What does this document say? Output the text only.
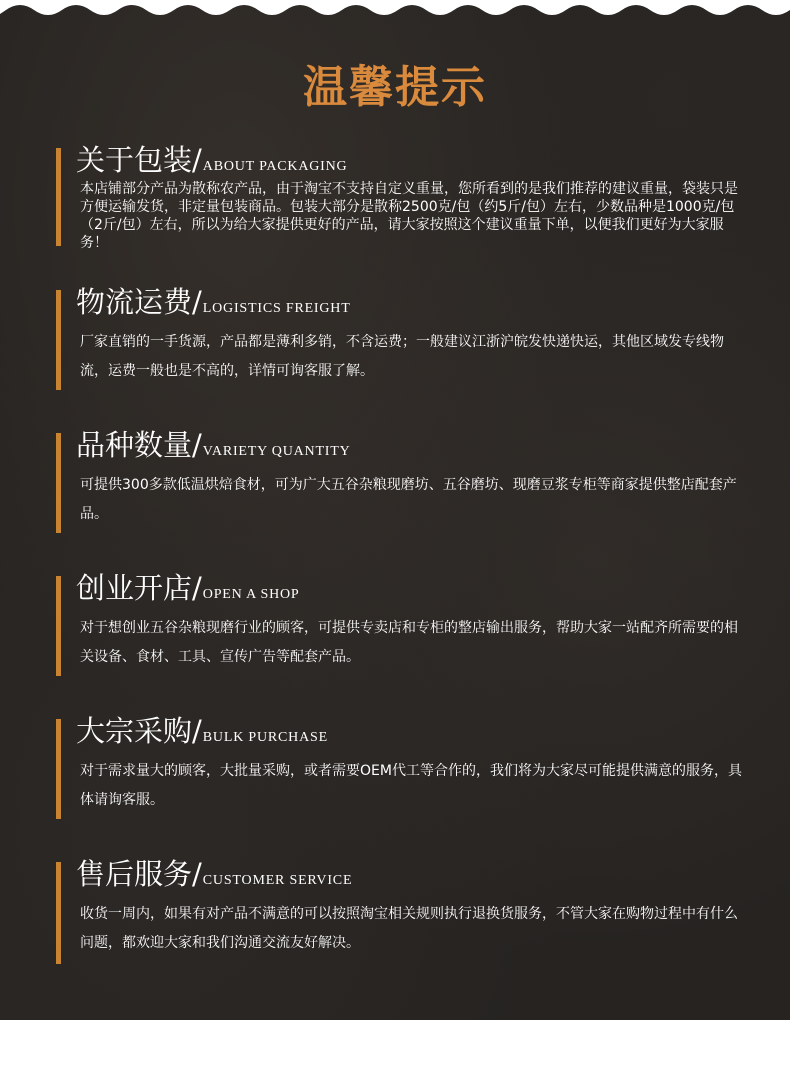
温馨提示
关于包装/ABOUT PACKAGING
本店铺部分产品为散称农产品，由于淘宝不支持自定义重量，您所看到的是我们推荐的建议重量，袋装只是方便运输发货，非定量包装商品。包装大部分是散称2500克/包（约5斤/包）左右，少数品种是1000克/包（2斤/包）左右，所以为给大家提供更好的产品，请大家按照这个建议重量下单，以便我们更好为大家服务！
物流运费/LOGISTICS FREIGHT
厂家直销的一手货源，产品都是薄利多销，不含运费；一般建议江浙沪皖发快递快运，其他区域发专线物流，运费一般也是不高的，详情可询客服了解。
品种数量/VARIETY QUANTITY
可提供300多款低温烘焙食材，可为广大五谷杂粮现磨坊、五谷磨坊、现磨豆浆专柜等商家提供整店配套产品。
创业开店/OPEN A SHOP
对于想创业五谷杂粮现磨行业的顾客，可提供专卖店和专柜的整店输出服务，帮助大家一站配齐所需要的相关设备、食材、工具、宣传广告等配套产品。
大宗采购/BULK PURCHASE
对于需求量大的顾客，大批量采购，或者需要OEM代工等合作的，我们将为大家尽可能提供满意的服务，具体请询客服。
售后服务/CUSTOMER SERVICE
收货一周内，如果有对产品不满意的可以按照淘宝相关规则执行退换货服务，不管大家在购物过程中有什么问题，都欢迎大家和我们沟通交流友好解决。
